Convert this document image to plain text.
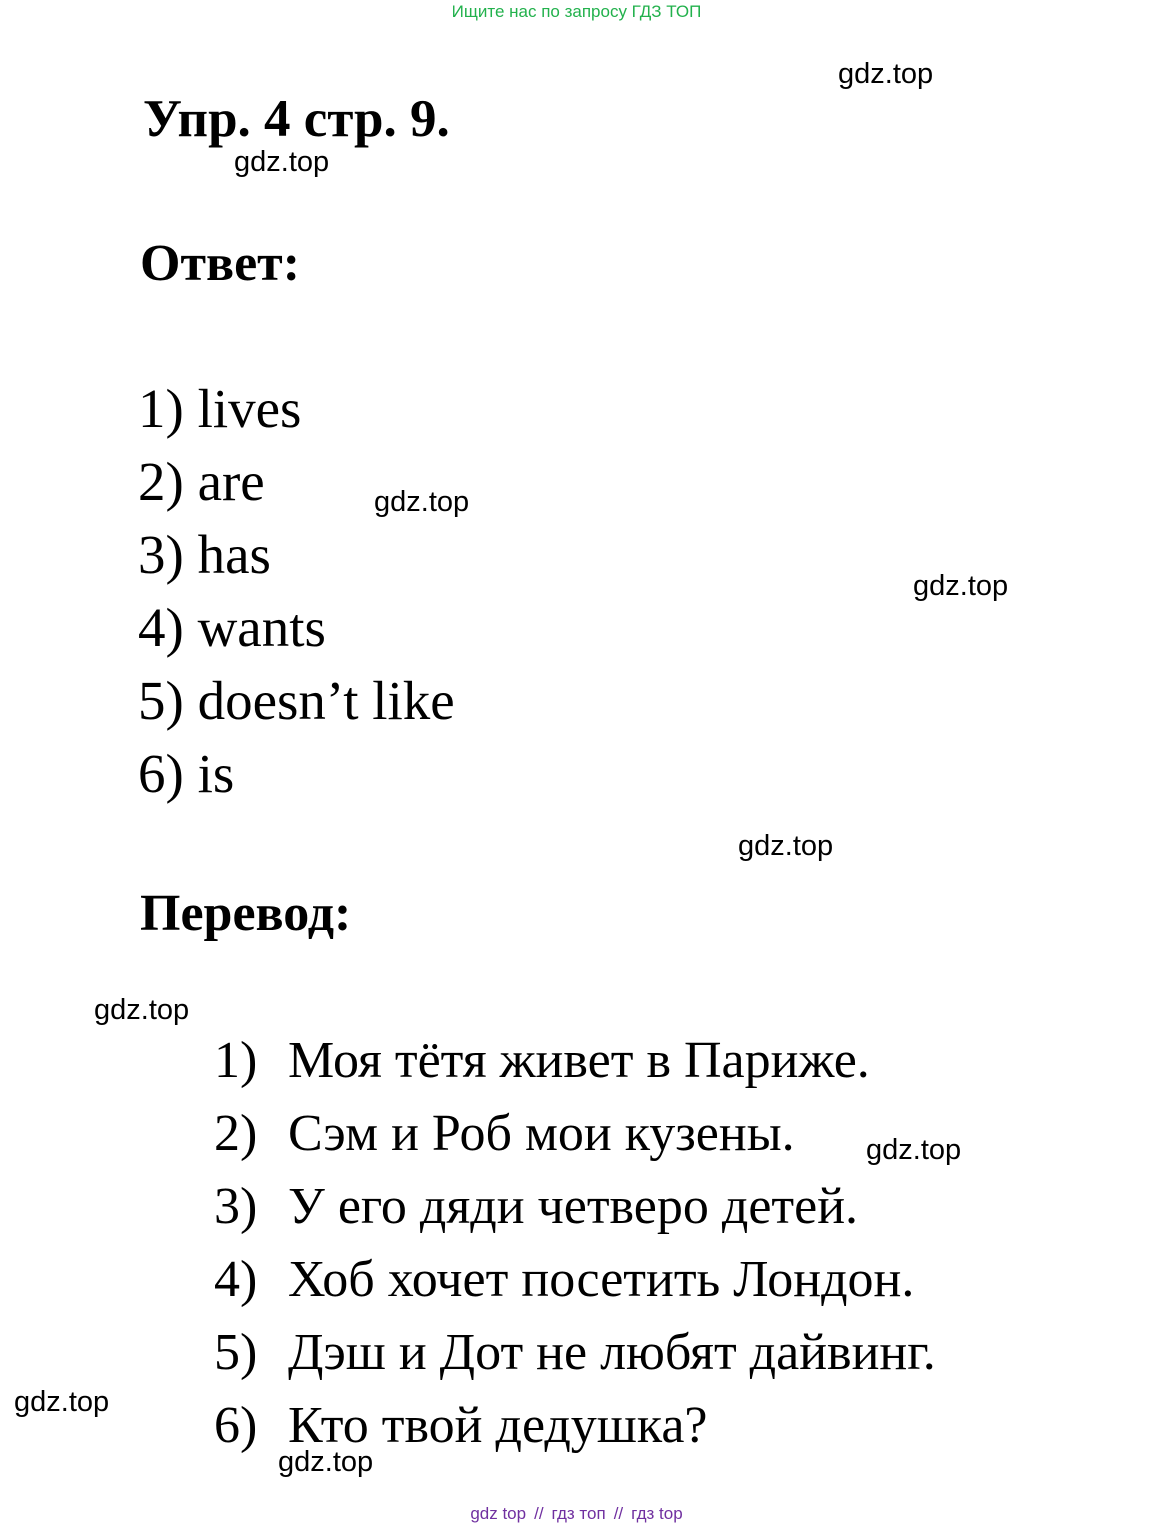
Ищите нас по запросу ГДЗ ТОП
Упр. 4 стр. 9.
Ответ:
1) lives
2) are
3) has
4) wants
5) doesn’t like
6) is
Перевод:
1) Моя тётя живет в Париже.
2) Сэм и Роб мои кузены.
3) У его дяди четверо детей.
4) Хоб хочет посетить Лондон.
5) Дэш и Дот не любят дайвинг.
6) Кто твой дедушка?
gdz.top
gdz.top
gdz.top
gdz.top
gdz.top
gdz.top
gdz.top
gdz.top
gdz.top
gdz top // гдз топ // гдз top
